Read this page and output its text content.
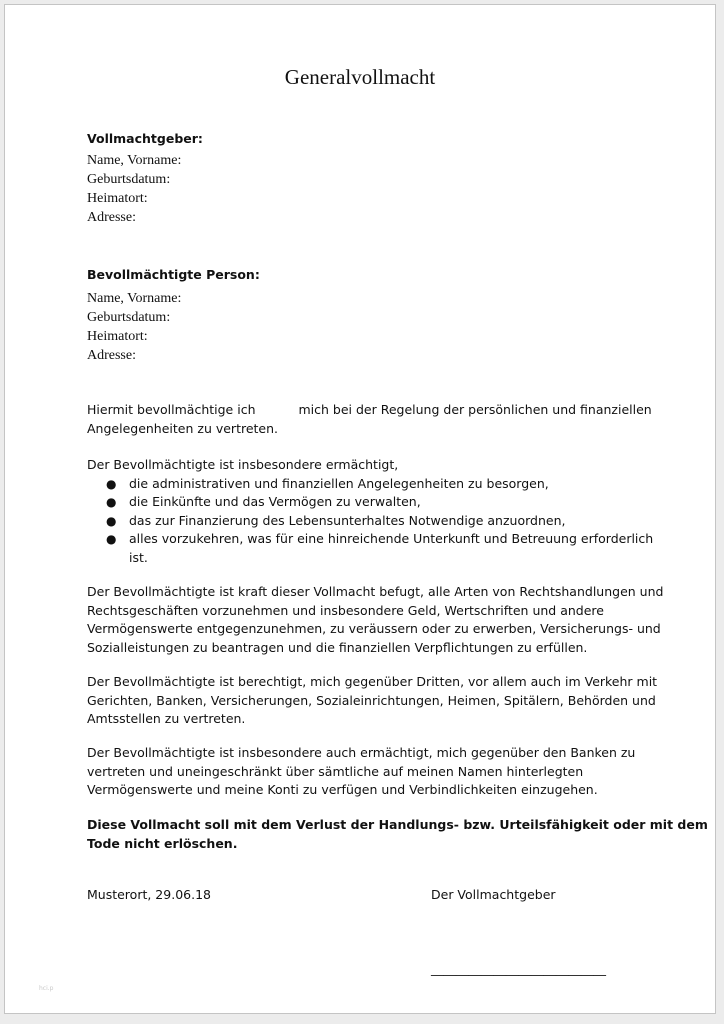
Generalvollmacht
Vollmachtgeber:
Name, Vorname:
Geburtsdatum:
Heimatort:
Adresse:
Bevollmächtigte Person:
Name, Vorname:
Geburtsdatum:
Heimatort:
Adresse:

Hiermit bevollmächtige ich	mich bei der Regelung der persönlichen und finanziellen
Angelegenheiten zu vertreten.

Der Bevollmächtigte ist insbesondere ermächtigt,

● die administrativen und finanziellen Angelegenheiten zu besorgen,
● die Einkünfte und das Vermögen zu verwalten,
● das zur Finanzierung des Lebensunterhaltes Notwendige anzuordnen,
● alles vorzukehren, was für eine hinreichende Unterkunft und Betreuung erforderlich
ist.

Der Bevollmächtigte ist kraft dieser Vollmacht befugt, alle Arten von Rechtshandlungen und
Rechtsgeschäften vorzunehmen und insbesondere Geld, Wertschriften und andere
Vermögenswerte entgegenzunehmen, zu veräussern oder zu erwerben, Versicherungs- und
Sozialleistungen zu beantragen und die finanziellen Verpflichtungen zu erfüllen.

Der Bevollmächtigte ist berechtigt, mich gegenüber Dritten, vor allem auch im Verkehr mit
Gerichten, Banken, Versicherungen, Sozialeinrichtungen, Heimen, Spitälern, Behörden und
Amtsstellen zu vertreten.

Der Bevollmächtigte ist insbesondere auch ermächtigt, mich gegenüber den Banken zu
vertreten und uneingeschränkt über sämtliche auf meinen Namen hinterlegten
Vermögenswerte und meine Konti zu verfügen und Verbindlichkeiten einzugehen.

Diese Vollmacht soll mit dem Verlust der Handlungs- bzw. Urteilsfähigkeit oder mit dem
Tode nicht erlöschen.

Musterort, 29.06.18	Der Vollmachtgeber
____________________________
hci.p
